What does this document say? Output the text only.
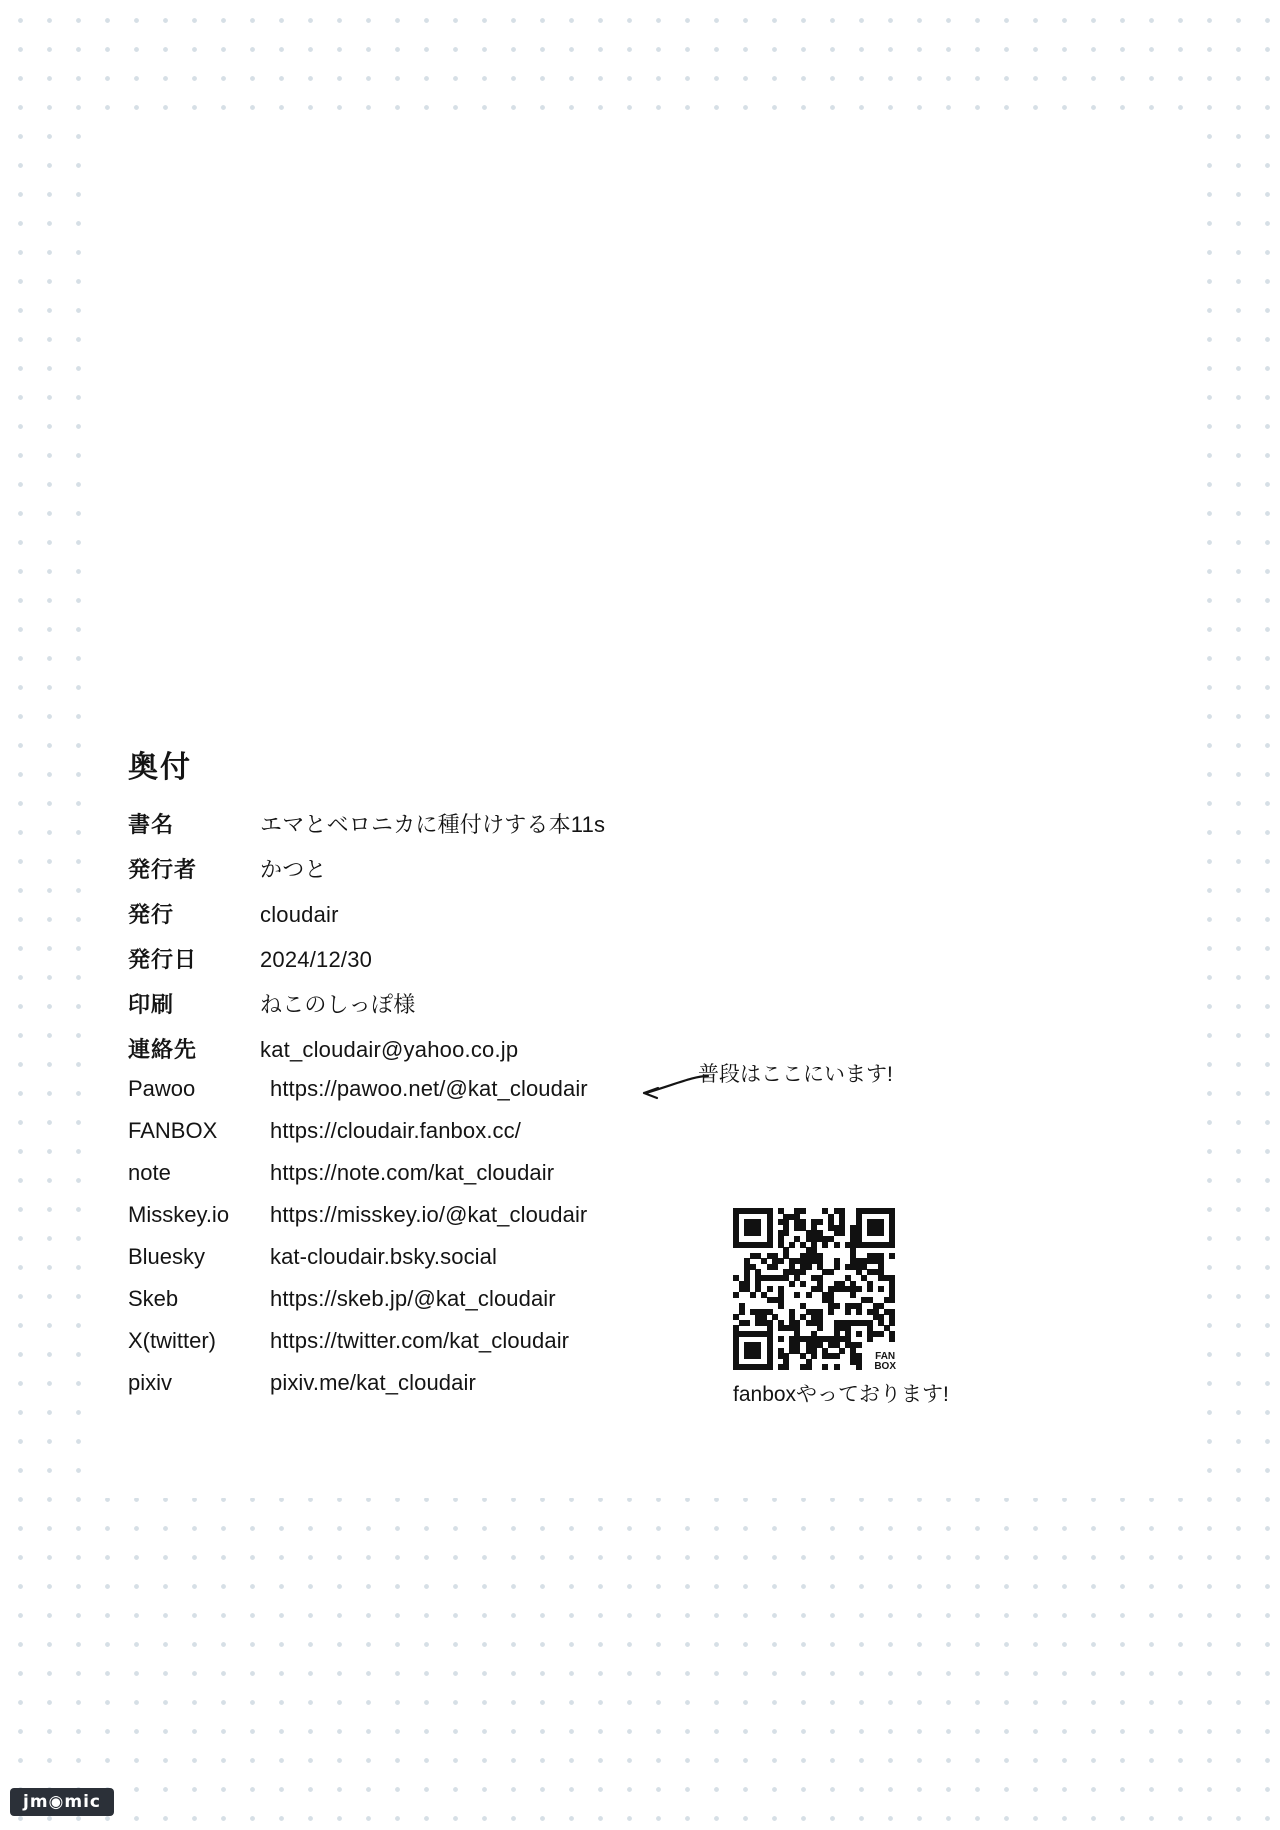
奥付
書名	エマとベロニカに種付けする本11s
発行者	かつと
発行	cloudair
発行日	2024/12/30
印刷	ねこのしっぽ様
連絡先	kat_cloudair@yahoo.co.jp
Pawoo	https://pawoo.net/@kat_cloudair
FANBOX	https://cloudair.fanbox.cc/
note	https://note.com/kat_cloudair
Misskey.io	https://misskey.io/@kat_cloudair
Bluesky	kat-cloudair.bsky.social
Skeb	https://skeb.jp/@kat_cloudair
X(twitter)	https://twitter.com/kat_cloudair
pixiv	pixiv.me/kat_cloudair
普段はここにいます!
FAN
BOX
fanboxやっております!
jm◉mic
